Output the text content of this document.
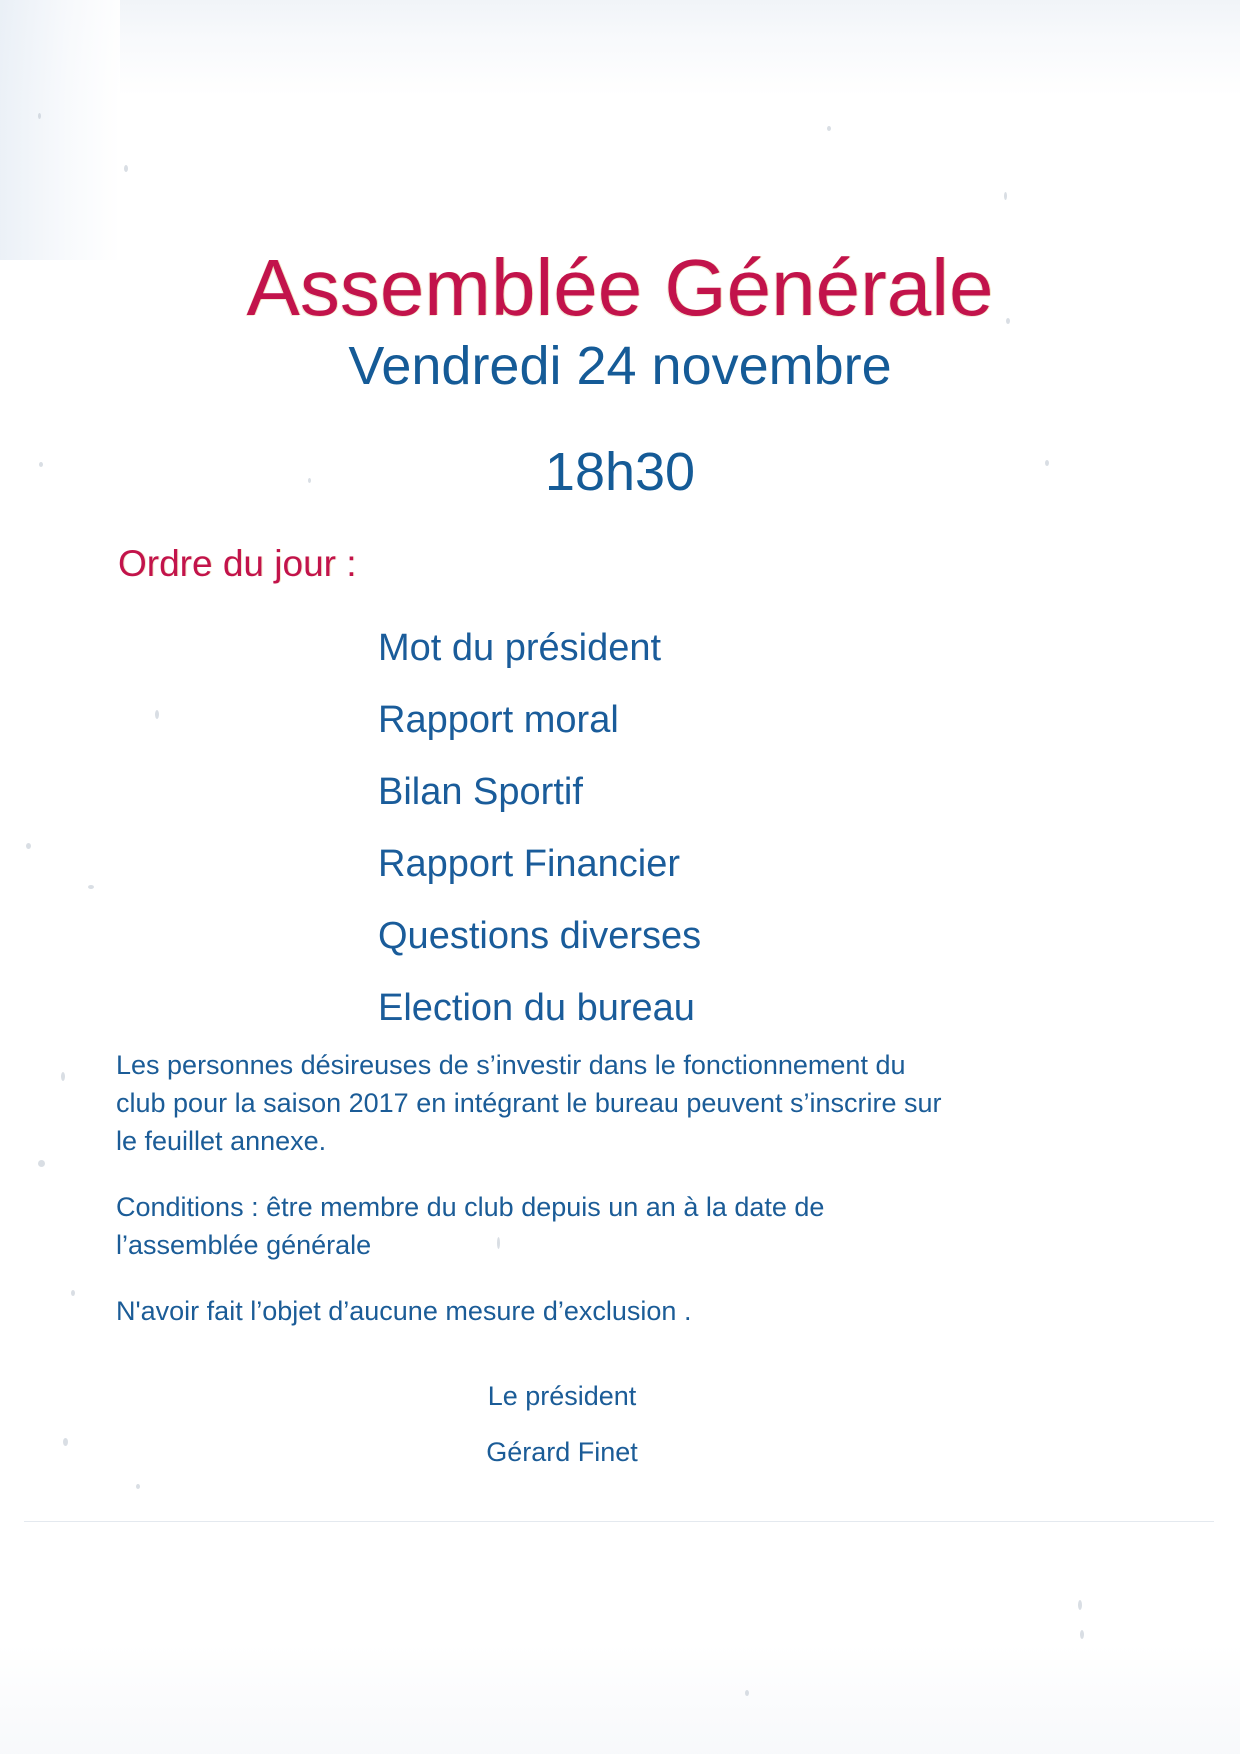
Assemblée Générale
Vendredi 24 novembre
18h30
Ordre du jour :
Mot du président
Rapport moral
Bilan Sportif
Rapport Financier
Questions diverses
Election du bureau

Les personnes désireuses de s’investir dans le fonctionnement du club pour la saison 2017 en intégrant le bureau peuvent s’inscrire sur le feuillet annexe.

Conditions : être membre du club depuis un an à la date de l’assemblée générale

N'avoir fait l’objet d’aucune mesure d’exclusion .

Le président
Gérard Finet
